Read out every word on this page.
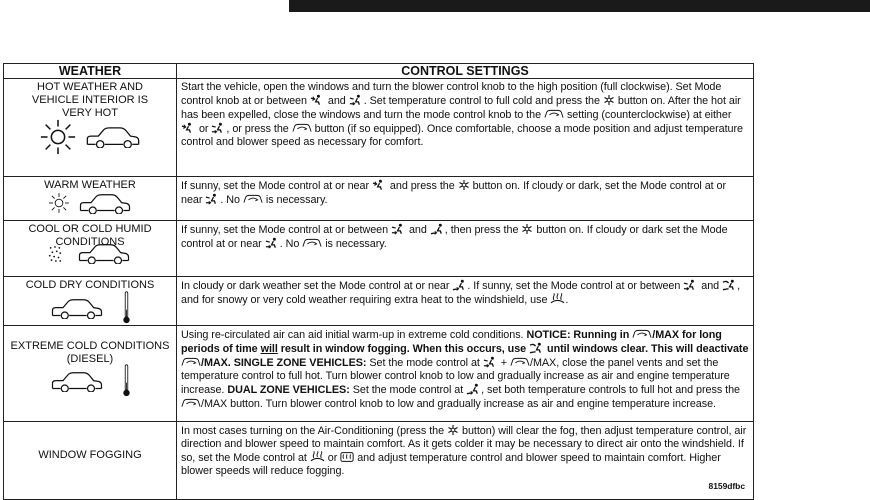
WEATHER	CONTROL SETTINGS

HOT WEATHER AND VEHICLE INTERIOR IS VERY HOT	Start the vehicle, open the windows and turn the blower control knob to the high position (full clockwise). Set Mode control knob at or between and . Set temperature control to full cold and press the button on. After the hot air has been expelled, close the windows and turn the mode control knob to the setting (counterclockwise) at either  or , or press the button (if so equipped). Once comfortable, choose a mode position and adjust temperature control and blower speed as necessary for comfort.

WARM WEATHER	If sunny, set the Mode control at or near and press the button on. If cloudy or dark, set the Mode control at or near . No is necessary.

COOL OR COLD HUMID CONDITIONS	If sunny, set the Mode control at or between and , then press the button on. If cloudy or dark set the Mode control at or near . No is necessary.

COLD DRY CONDITIONS	In cloudy or dark weather set the Mode control at or near . If sunny, set the Mode control at or between and , and for snowy or very cold weather requiring extra heat to the windshield, use .

EXTREME COLD CONDITIONS (DIESEL)	Using re-circulated air can aid initial warm-up in extreme cold conditions. NOTICE: Running in /MAX for long periods of time will result in window fogging. When this occurs, use until windows clear. This will deactivate /MAX. SINGLE ZONE VEHICLES: Set the mode control at + /MAX, close the panel vents and set the temperature control to full hot. Turn blower control knob to low and gradually increase as air and engine temperature increase. DUAL ZONE VEHICLES: Set the mode control at , set both temperature controls to full hot and press the /MAX button. Turn blower control knob to low and gradually increase as air and engine temperature increase.

WINDOW FOGGING	In most cases turning on the Air-Conditioning (press the button) will clear the fog, then adjust temperature control, air direction and blower speed to maintain comfort. As it gets colder it may be necessary to direct air onto the windshield. If so, set the Mode control at or and adjust temperature control and blower speed to maintain comfort. Higher blower speeds will reduce fogging.
8159dfbc
